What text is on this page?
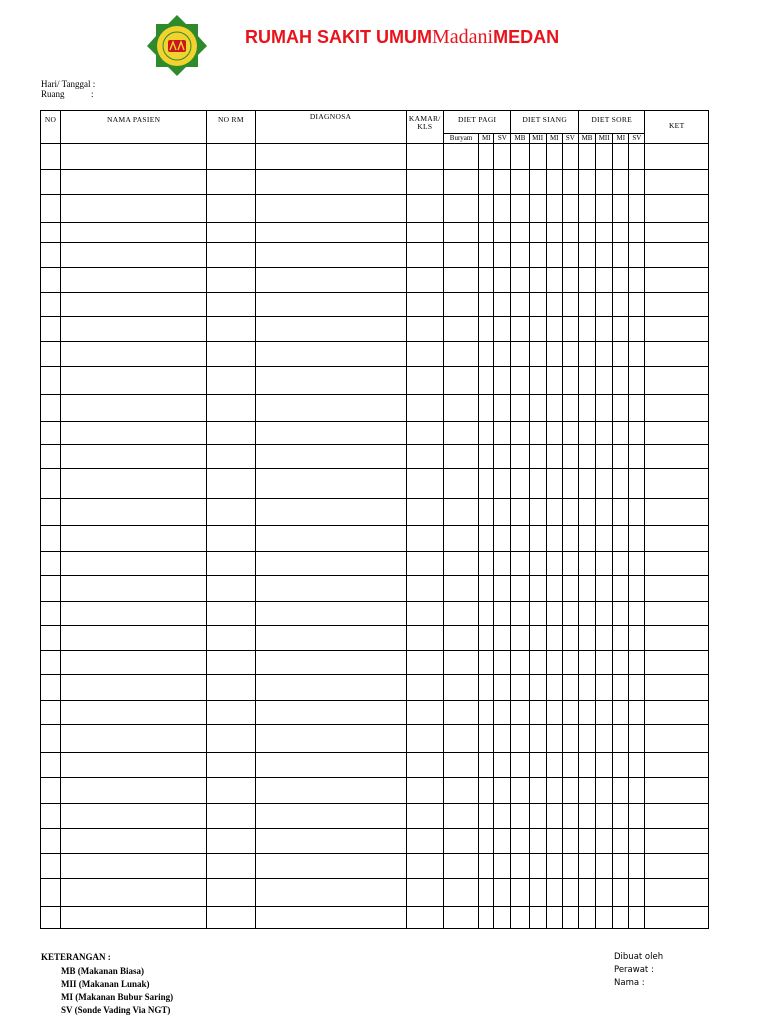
RUMAH SAKIT UMUMMadaniMEDAN
Hari/ Tanggal :
Ruang	:
NO	NAMA PASIEN	NO RM	DIAGNOSA	KAMAR/ KLS	DIET PAGI			DIET SIANG				DIET SORE				KET
					Buryam	MI	SV	MB	MII	MI	SV	MB	MII	MI	SV	

KETERANGAN :
MB (Makanan Biasa)
MII (Makanan Lunak)
MI (Makanan Bubur Saring)
SV (Sonde Vading Via NGT)
Dibuat oleh
Perawat :
Nama :
